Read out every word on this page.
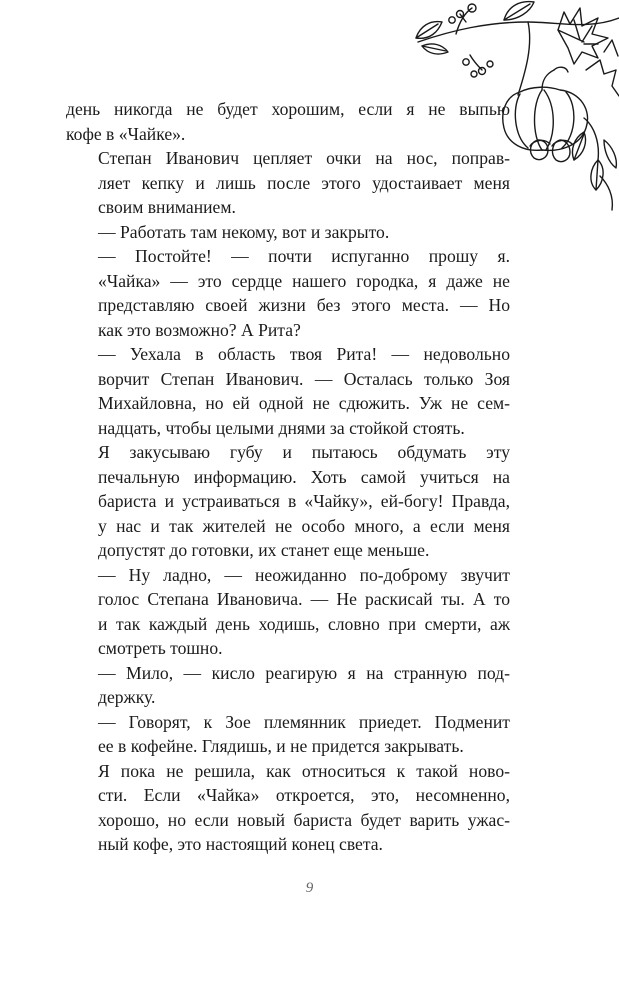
день никогда не будет хорошим, если я не выпью
кофе в «Чайке».

Степан Иванович цепляет очки на нос, поправ-
ляет кепку и лишь после этого удостаивает меня
своим вниманием.

— Работать там некому, вот и закрыто.

— Постойте! — почти испуганно прошу я.
«Чайка» — это сердце нашего городка, я даже не
представляю своей жизни без этого места. — Но
как это возможно? А Рита?

— Уехала в область твоя Рита! — недовольно
ворчит Степан Иванович. — Осталась только Зоя
Михайловна, но ей одной не сдюжить. Уж не сем-
надцать, чтобы целыми днями за стойкой стоять.

Я закусываю губу и пытаюсь обдумать эту
печальную информацию. Хоть самой учиться на
бариста и устраиваться в «Чайку», ей-богу! Правда,
у нас и так жителей не особо много, а если меня
допустят до готовки, их станет еще меньше.

— Ну ладно, — неожиданно по-доброму звучит
голос Степана Ивановича. — Не раскисай ты. А то
и так каждый день ходишь, словно при смерти, аж
смотреть тошно.

— Мило, — кисло реагирую я на странную под-
держку.

— Говорят, к Зое племянник приедет. Подменит
ее в кофейне. Глядишь, и не придется закрывать.

Я пока не решила, как относиться к такой ново-
сти. Если «Чайка» откроется, это, несомненно,
хорошо, но если новый бариста будет варить ужас-
ный кофе, это настоящий конец света.

9
